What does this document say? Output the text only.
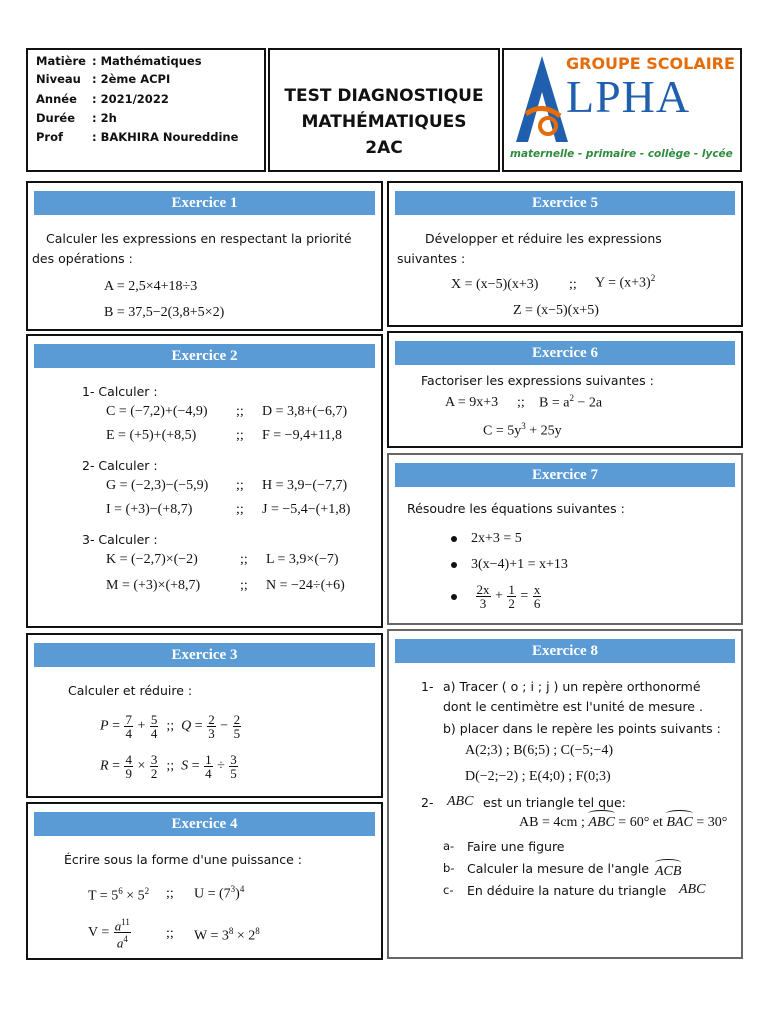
Matière : Mathématiques
Niveau : 2ème ACPI
Année : 2021/2022
Durée : 2h
Prof	: BAKHIRA Noureddine
TEST DIAGNOSTIQUE
MATHÉMATIQUES
2AC
GROUPE SCOLAIRE
LPHA
maternelle - primaire - collège - lycée
Exercice 1
Calculer les expressions en respectant la priorité
des opérations :
A = 2,5×4+18÷3
B = 37,5−2(3,8+5×2)
Exercice 2
1- Calculer :
C = (−7,2)+(−4,9) ;; D = 3,8+(−6,7)
E = (+5)+(+8,5)	;; F = −9,4+11,8
2- Calculer :
G = (−2,3)−(−5,9) ;; H = 3,9−(−7,7)
I = (+3)−(+8,7)	;; J = −5,4−(+1,8)
3- Calculer :
K = (−2,7)×(−2)	;; L = 3,9×(−7)
M = (+3)×(+8,7)	;; N = −24÷(+6)
Exercice 3
Calculer et réduire :
$P = \frac{7}{4} + \frac{5}{4}$ ;; $Q = \frac{2}{3} - \frac{2}{5}$
$R = \frac{4}{9} \times \frac{3}{2}$ ;; $S = \frac{1}{4} \div \frac{3}{5}$
Exercice 4
Écrire sous la forme d'une puissance :
$T = 5^6 \times 5^2$ ;; $U = (7^3)^4$
$V = \frac{a^{11}}{a^4}$	;; $W = 3^8 \times 2^8$
Exercice 5
Développer et réduire les expressions
suivantes :
X = (x−5)(x+3) ;; $Y = (x+3)^2$
Z = (x−5)(x+5)
Exercice 6
Factoriser les expressions suivantes :
A = 9x+3 ;; $B = a^2 - 2a$
$C = 5y^3 + 25y$
Exercice 7
Résoudre les équations suivantes :
2x+3 = 5
3(x−4)+1 = x+13

$\frac{2x}{3} + \frac{1}{2} = \frac{x}{6}$
Exercice 8
1- a) Tracer ( o ; i ; j ) un repère orthonormé
dont le centimètre est l'unité de mesure .
b) placer dans le repère les points suivants :
A(2;3) ; B(6;5) ; C(−5;−4)
D(−2;−2) ; E(4;0) ; F(0;3)
2- ABC est un triangle tel que:
AB = 4cm ; ABC = 60° et BAC = 30°
a- Faire une figure
b- Calculer la mesure de l'angle ACB
c- En déduire la nature du triangle ABC
